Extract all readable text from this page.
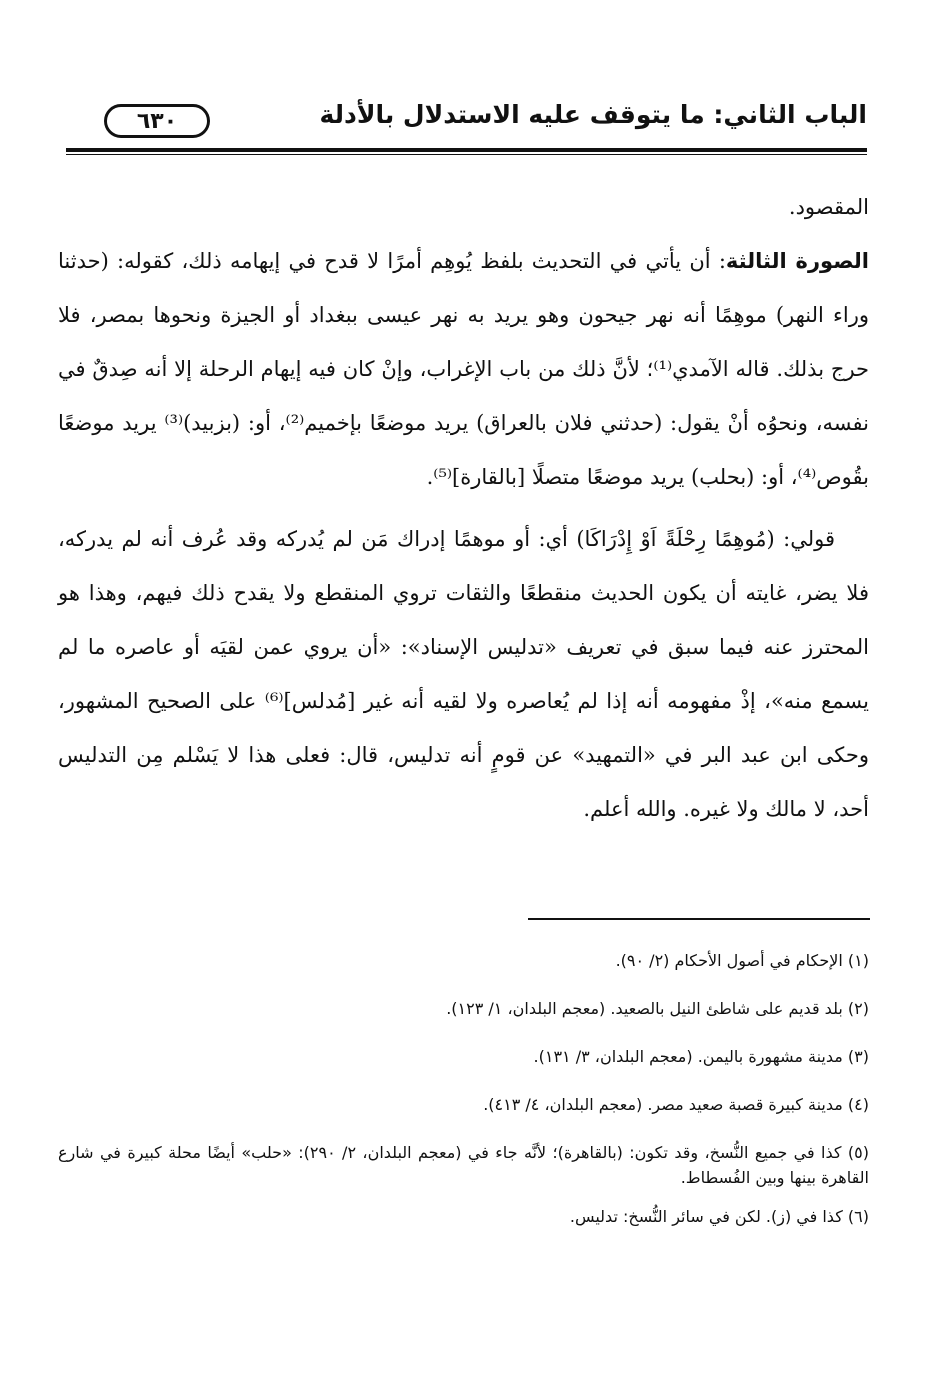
٦٣٠	الباب الثاني: ما يتوقف عليه الاستدلال بالأدلة

المقصود.

الصورة الثالثة: أن يأتي في التحديث بلفظ يُوهِم أمرًا لا قدح في إيهامه ذلك، كقوله: (حدثنا وراء النهر) موهِمًا أنه نهر جيحون وهو يريد به نهر عيسى ببغداد أو الجيزة ونحوها بمصر، فلا حرج بذلك. قاله الآمدي⁽¹⁾؛ لأنَّ ذلك من باب الإغراب، وإنْ كان فيه إيهام الرحلة إلا أنه صِدقٌ في نفسه، ونحوُه أنْ يقول: (حدثني فلان بالعراق) يريد موضعًا بإخميم⁽²⁾، أو: (بزبيد)⁽³⁾ يريد موضعًا بقُوص⁽⁴⁾، أو: (بحلب) يريد موضعًا متصلًا [بالقارة]⁽⁵⁾.

قولي: (مُوهِمًا رِحْلَةً اَوْ إِدْرَاكَا) أي: أو موهمًا إدراك مَن لم يُدركه وقد عُرف أنه لم يدركه، فلا يضر، غايته أن يكون الحديث منقطعًا والثقات تروي المنقطع ولا يقدح ذلك فيهم، وهذا هو المحترز عنه فيما سبق في تعريف «تدليس الإسناد»: «أن يروي عمن لقيَه أو عاصره ما لم يسمع منه»، إذْ مفهومه أنه إذا لم يُعاصره ولا لقيه أنه غير [مُدلس]⁽⁶⁾ على الصحيح المشهور، وحكى ابن عبد البر في «التمهيد» عن قومٍ أنه تدليس، قال: فعلى هذا لا يَسْلم مِن التدليس أحد، لا مالك ولا غيره. والله أعلم.

(١) الإحكام في أصول الأحكام (٢/ ٩٠).

(٢) بلد قديم على شاطئ النيل بالصعيد. (معجم البلدان، ١/ ١٢٣).

(٣) مدينة مشهورة باليمن. (معجم البلدان، ٣/ ١٣١).

(٤) مدينة كبيرة قصبة صعيد مصر. (معجم البلدان، ٤/ ٤١٣).

(٥) كذا في جميع النُّسخ، وقد تكون: (بالقاهرة)؛ لأنَّه جاء في (معجم البلدان، ٢/ ٢٩٠): «حلب» أيضًا محلة كبيرة في شارع القاهرة بينها وبين الفُسطاط.

(٦) كذا في (ز). لكن في سائر النُّسخ: تدليس.
